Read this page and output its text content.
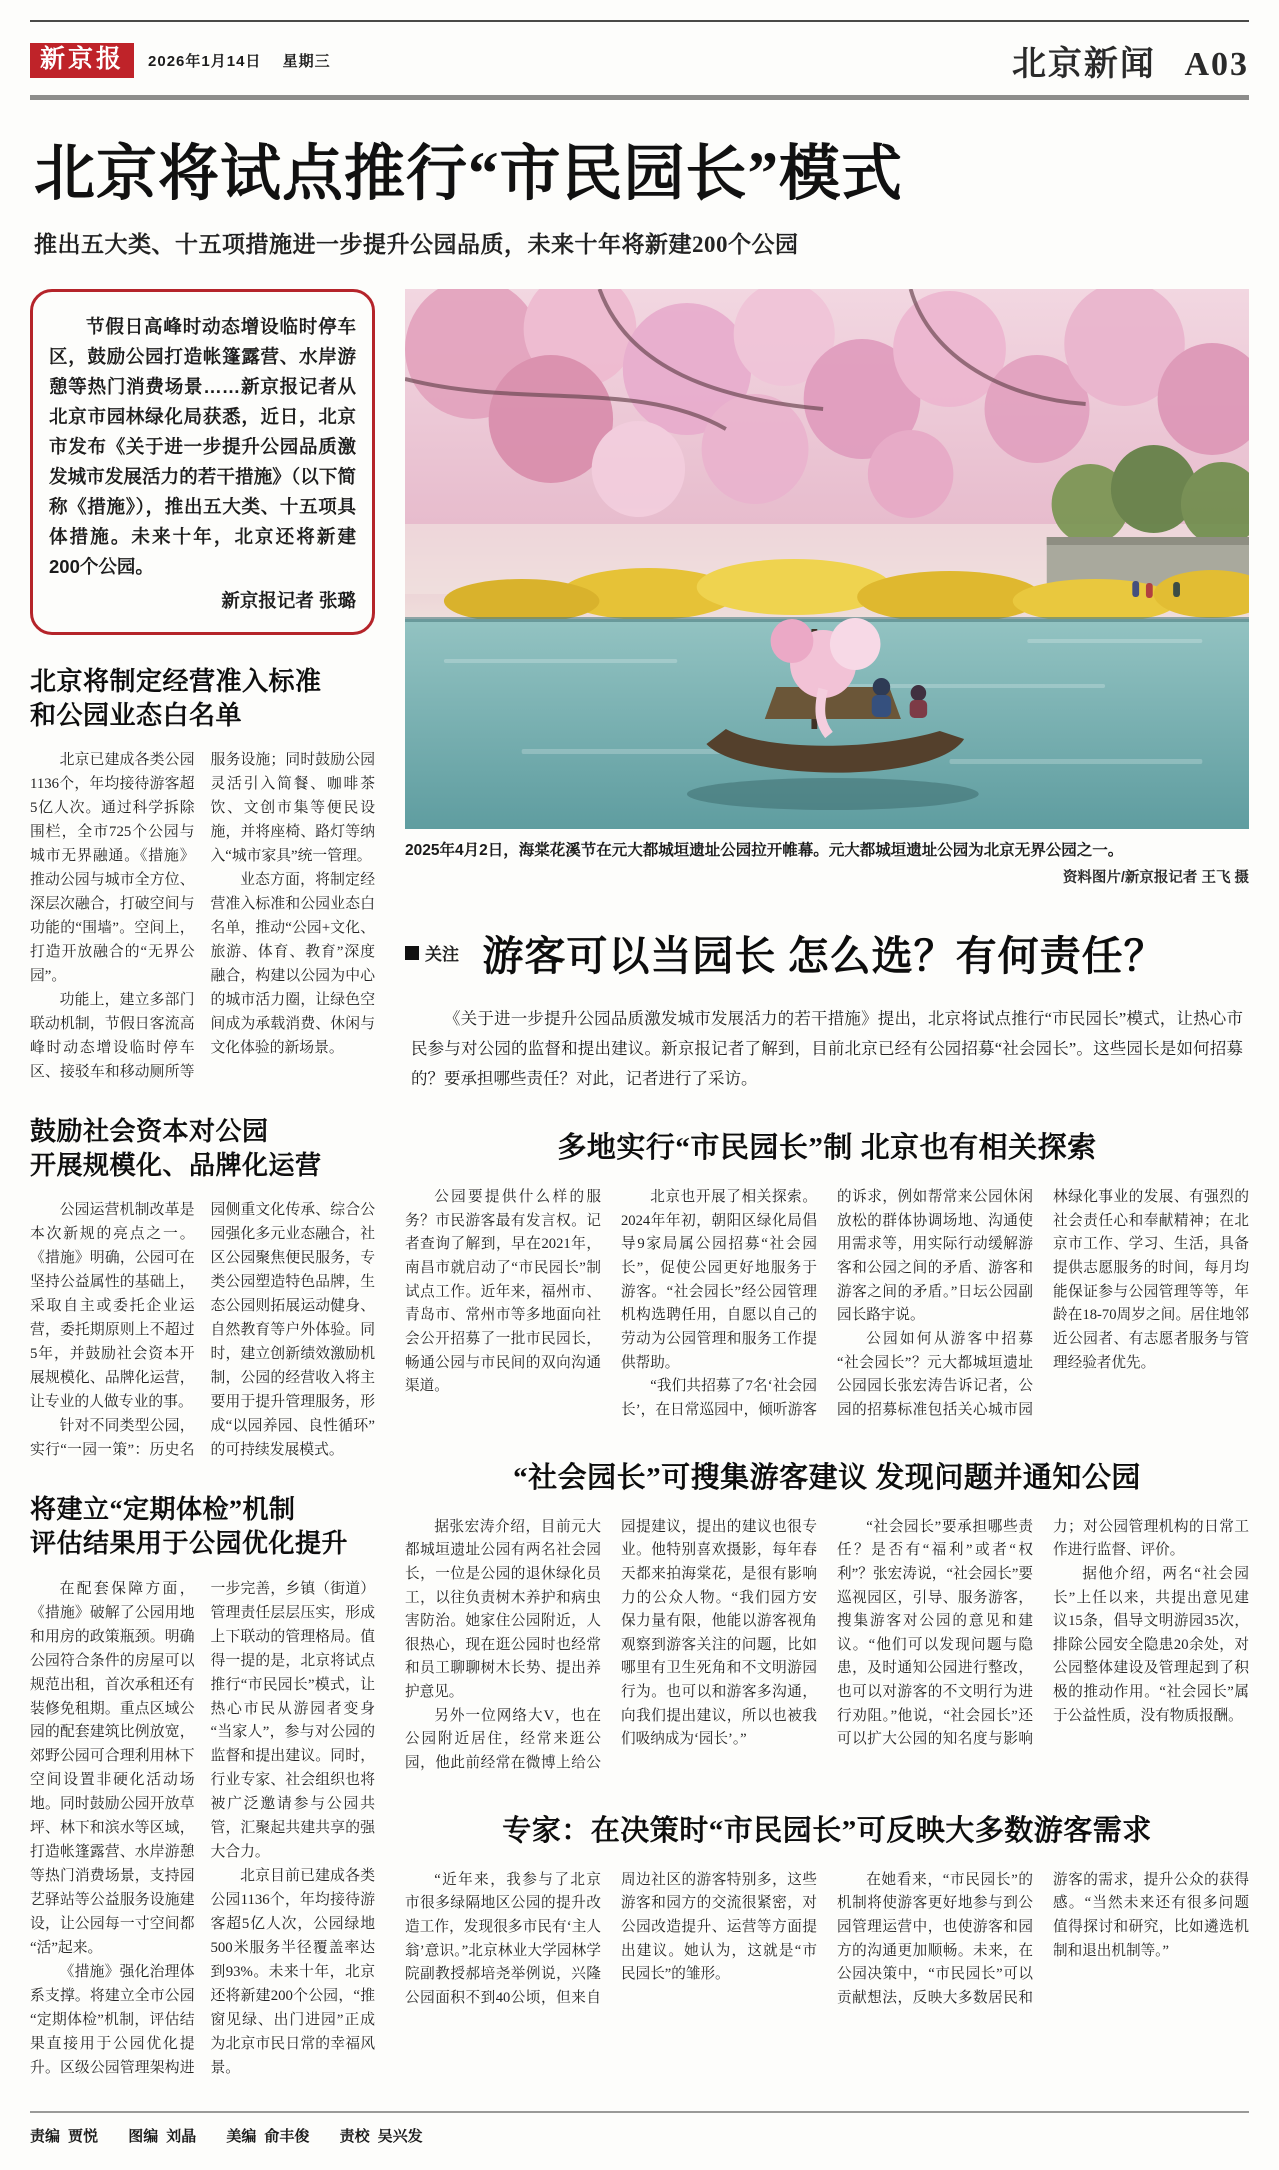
新京报	2026年1月14日 星期三	北京新闻 A03
北京将试点推行“市民园长”模式

推出五大类、十五项措施进一步提升公园品质，未来十年将新建200个公园

节假日高峰时动态增设临时停车区，鼓励公园打造帐篷露营、水岸游憩等热门消费场景……新京报记者从北京市园林绿化局获悉，近日，北京市发布《关于进一步提升公园品质激发城市发展活力的若干措施》（以下简称《措施》），推出五大类、十五项具体措施。未来十年，北京还将新建200个公园。

新京报记者 张璐
北京将制定经营准入标准
和公园业态白名单

北京已建成各类公园1136个，年均接待游客超5亿人次。通过科学拆除围栏，全市725个公园与城市无界融通。《措施》推动公园与城市全方位、深层次融合，打破空间与功能的“围墙”。空间上，打造开放融合的“无界公园”。

功能上，建立多部门联动机制，节假日客流高峰时动态增设临时停车区、接驳车和移动厕所等服务设施；同时鼓励公园灵活引入简餐、咖啡茶饮、文创市集等便民设施，并将座椅、路灯等纳入“城市家具”统一管理。

业态方面，将制定经营准入标准和公园业态白名单，推动“公园+文化、旅游、体育、教育”深度融合，构建以公园为中心的城市活力圈，让绿色空间成为承载消费、休闲与文化体验的新场景。

鼓励社会资本对公园
开展规模化、品牌化运营

公园运营机制改革是本次新规的亮点之一。《措施》明确，公园可在坚持公益属性的基础上，采取自主或委托企业运营，委托期原则上不超过5年，并鼓励社会资本开展规模化、品牌化运营，让专业的人做专业的事。

针对不同类型公园，实行“一园一策”：历史名园侧重文化传承、综合公园强化多元业态融合，社区公园聚焦便民服务，专类公园塑造特色品牌，生态公园则拓展运动健身、自然教育等户外体验。同时，建立创新绩效激励机制，公园的经营收入将主要用于提升管理服务，形成“以园养园、良性循环”的可持续发展模式。

将建立“定期体检”机制
评估结果用于公园优化提升

在配套保障方面，《措施》破解了公园用地和用房的政策瓶颈。明确公园符合条件的房屋可以规范出租，首次承租还有装修免租期。重点区域公园的配套建筑比例放宽，郊野公园可合理利用林下空间设置非硬化活动场地。同时鼓励公园开放草坪、林下和滨水等区域，打造帐篷露营、水岸游憩等热门消费场景，支持园艺驿站等公益服务设施建设，让公园每一寸空间都“活”起来。

《措施》强化治理体系支撑。将建立全市公园“定期体检”机制，评估结果直接用于公园优化提升。区级公园管理架构进一步完善，乡镇（街道）管理责任层层压实，形成上下联动的管理格局。值得一提的是，北京将试点推行“市民园长”模式，让热心市民从游园者变身“当家人”，参与对公园的监督和提出建议。同时，行业专家、社会组织也将被广泛邀请参与公园共管，汇聚起共建共享的强大合力。

北京目前已建成各类公园1136个，年均接待游客超5亿人次，公园绿地500米服务半径覆盖率达到93%。未来十年，北京还将新建200个公园，“推窗见绿、出门进园”正成为北京市民日常的幸福风景。

2025年4月2日，海棠花溪节在元大都城垣遗址公园拉开帷幕。元大都城垣遗址公园为北京无界公园之一。

资料图片/新京报记者 王飞 摄

关注 游客可以当园长 怎么选？有何责任？

《关于进一步提升公园品质激发城市发展活力的若干措施》提出，北京将试点推行“市民园长”模式，让热心市民参与对公园的监督和提出建议。新京报记者了解到，目前北京已经有公园招募“社会园长”。这些园长是如何招募的？要承担哪些责任？对此，记者进行了采访。

多地实行“市民园长”制 北京也有相关探索

公园要提供什么样的服务？市民游客最有发言权。记者查询了解到，早在2021年，南昌市就启动了“市民园长”制试点工作。近年来，福州市、青岛市、常州市等多地面向社会公开招募了一批市民园长，畅通公园与市民间的双向沟通渠道。

北京也开展了相关探索。2024年年初，朝阳区绿化局倡导9家局属公园招募“社会园长”，促使公园更好地服务于游客。“社会园长”经公园管理机构选聘任用，自愿以自己的劳动为公园管理和服务工作提供帮助。

“我们共招募了7名‘社会园长’，在日常巡园中，倾听游客的诉求，例如帮常来公园休闲放松的群体协调场地、沟通使用需求等，用实际行动缓解游客和公园之间的矛盾、游客和游客之间的矛盾。”日坛公园副园长路宇说。

公园如何从游客中招募“社会园长”？元大都城垣遗址公园园长张宏涛告诉记者，公园的招募标准包括关心城市园林绿化事业的发展、有强烈的社会责任心和奉献精神；在北京市工作、学习、生活，具备提供志愿服务的时间，每月均能保证参与公园管理等等，年龄在18-70周岁之间。居住地邻近公园者、有志愿者服务与管理经验者优先。

“社会园长”可搜集游客建议 发现问题并通知公园

据张宏涛介绍，目前元大都城垣遗址公园有两名社会园长，一位是公园的退休绿化员工，以往负责树木养护和病虫害防治。她家住公园附近，人很热心，现在逛公园时也经常和员工聊聊树木长势、提出养护意见。

另外一位网络大V，也在公园附近居住，经常来逛公园，他此前经常在微博上给公园提建议，提出的建议也很专业。他特别喜欢摄影，每年春天都来拍海棠花，是很有影响力的公众人物。“我们园方安保力量有限，他能以游客视角观察到游客关注的问题，比如哪里有卫生死角和不文明游园行为。也可以和游客多沟通，向我们提出建议，所以也被我们吸纳成为‘园长’。”

“社会园长”要承担哪些责任？是否有“福利”或者“权利”？张宏涛说，“社会园长”要巡视园区，引导、服务游客，搜集游客对公园的意见和建议。“他们可以发现问题与隐患，及时通知公园进行整改，也可以对游客的不文明行为进行劝阻。”他说，“社会园长”还可以扩大公园的知名度与影响力；对公园管理机构的日常工作进行监督、评价。

据他介绍，两名“社会园长”上任以来，共提出意见建议15条，倡导文明游园35次，排除公园安全隐患20余处，对公园整体建设及管理起到了积极的推动作用。“社会园长”属于公益性质，没有物质报酬。

专家：在决策时“市民园长”可反映大多数游客需求

“近年来，我参与了北京市很多绿隔地区公园的提升改造工作，发现很多市民有‘主人翁’意识。”北京林业大学园林学院副教授郝培尧举例说，兴隆公园面积不到40公顷，但来自周边社区的游客特别多，这些游客和园方的交流很紧密，对公园改造提升、运营等方面提出建议。她认为，这就是“市民园长”的雏形。

在她看来，“市民园长”的机制将使游客更好地参与到公园管理运营中，也使游客和园方的沟通更加顺畅。未来，在公园决策中，“市民园长”可以贡献想法，反映大多数居民和游客的需求，提升公众的获得感。“当然未来还有很多问题值得探讨和研究，比如遴选机制和退出机制等。”

责编 贾悦 图编 刘晶 美编 俞丰俊 责校 吴兴发
